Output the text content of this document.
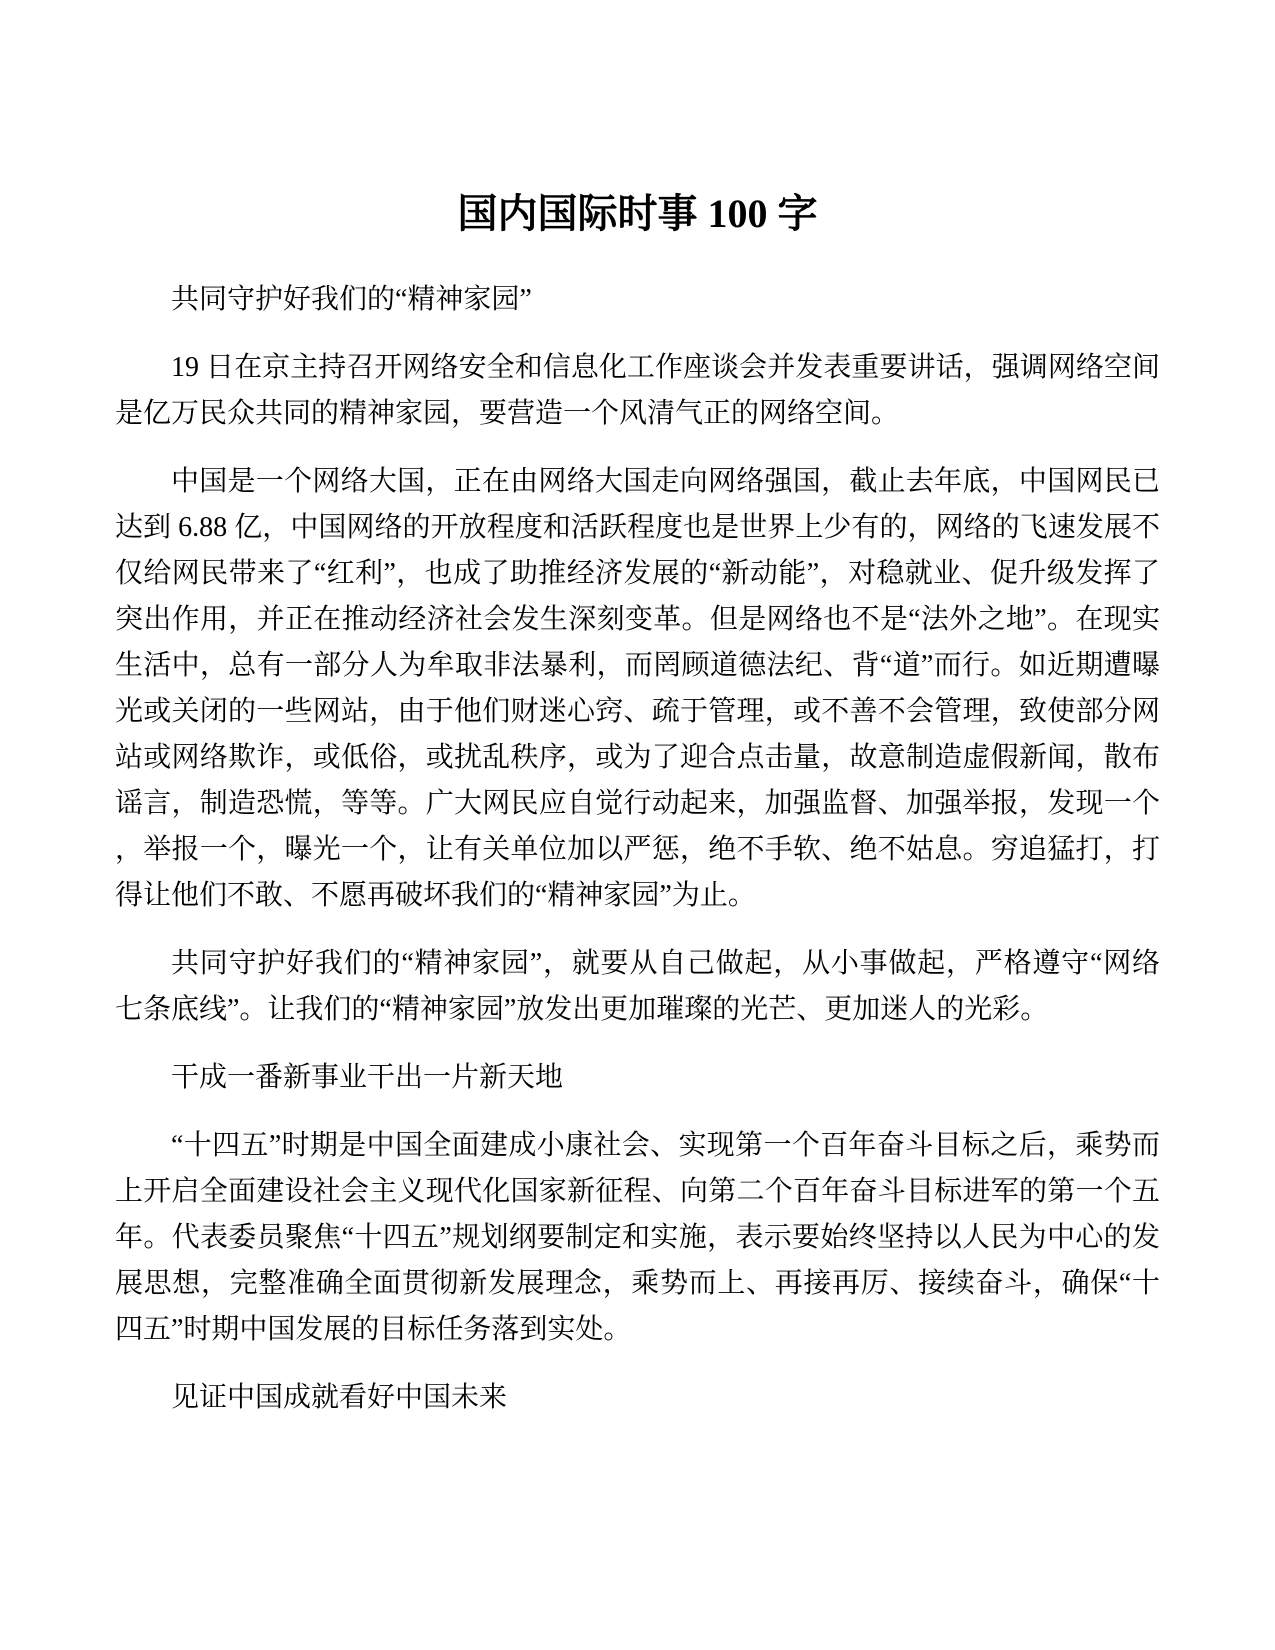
国内国际时事 100 字

共同守护好我们的“精神家园”

19 日在京主持召开网络安全和信息化工作座谈会并发表重要讲话，强调网络空间是亿万民众共同的精神家园，要营造一个风清气正的网络空间。

中国是一个网络大国，正在由网络大国走向网络强国，截止去年底，中国网民已达到 6.88 亿，中国网络的开放程度和活跃程度也是世界上少有的，网络的飞速发展不仅给网民带来了“红利”，也成了助推经济发展的“新动能”，对稳就业、促升级发挥了突出作用，并正在推动经济社会发生深刻变革。但是网络也不是“法外之地”。在现实生活中，总有一部分人为牟取非法暴利，而罔顾道德法纪、背“道”而行。如近期遭曝光或关闭的一些网站，由于他们财迷心窍、疏于管理，或不善不会管理，致使部分网站或网络欺诈，或低俗，或扰乱秩序，或为了迎合点击量，故意制造虚假新闻，散布谣言，制造恐慌，等等。广大网民应自觉行动起来，加强监督、加强举报，发现一个，举报一个，曝光一个，让有关单位加以严惩，绝不手软、绝不姑息。穷追猛打，打得让他们不敢、不愿再破坏我们的“精神家园”为止。

共同守护好我们的“精神家园”，就要从自己做起，从小事做起，严格遵守“网络七条底线”。让我们的“精神家园”放发出更加璀璨的光芒、更加迷人的光彩。

干成一番新事业干出一片新天地

“十四五”时期是中国全面建成小康社会、实现第一个百年奋斗目标之后，乘势而上开启全面建设社会主义现代化国家新征程、向第二个百年奋斗目标进军的第一个五年。代表委员聚焦“十四五”规划纲要制定和实施，表示要始终坚持以人民为中心的发展思想，完整准确全面贯彻新发展理念，乘势而上、再接再厉、接续奋斗，确保“十四五”时期中国发展的目标任务落到实处。

见证中国成就看好中国未来
